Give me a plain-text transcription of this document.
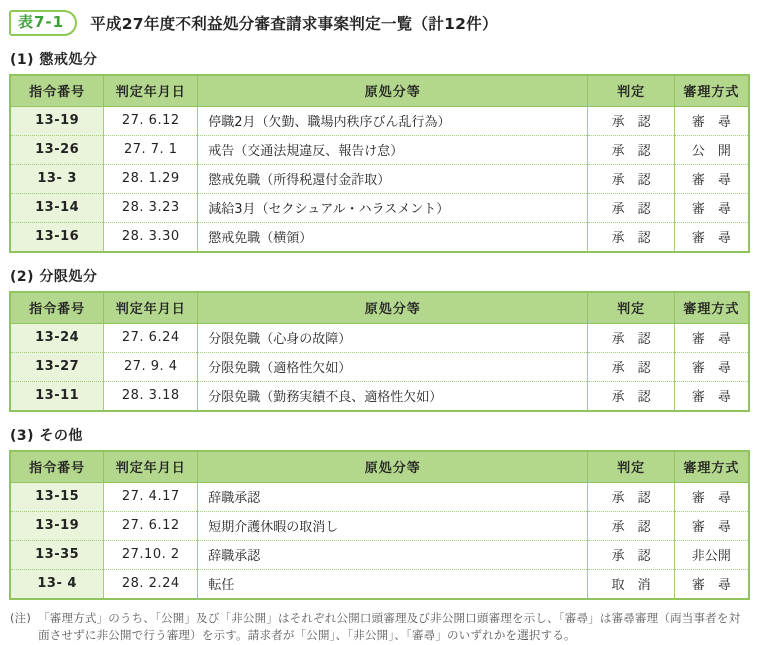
表7-1	平成27年度不利益処分審査請求事案判定一覧（計12件）
(1) 懲戒処分
指令番号	判定年月日	原処分等	判定	審理方式
13-19	27. 6.12	停職2月（欠勤、職場内秩序びん乱行為）	承　認	審　尋
13-26	27. 7. 1	戒告（交通法規違反、報告け怠）	承　認	公　開
13- 3	28. 1.29	懲戒免職（所得税還付金詐取）	承　認	審　尋
13-14	28. 3.23	減給3月（セクシュアル・ハラスメント）	承　認	審　尋
13-16	28. 3.30	懲戒免職（横領）	承　認	審　尋
(2) 分限処分
指令番号	判定年月日	原処分等	判定	審理方式
13-24	27. 6.24	分限免職（心身の故障）	承　認	審　尋
13-27	27. 9. 4	分限免職（適格性欠如）	承　認	審　尋
13-11	28. 3.18	分限免職（勤務実績不良、適格性欠如）	承　認	審　尋
(3) その他
指令番号	判定年月日	原処分等	判定	審理方式
13-15	27. 4.17	辞職承認	承　認	審　尋
13-19	27. 6.12	短期介護休暇の取消し	承　認	審　尋
13-35	27.10. 2	辞職承認	承　認	非公開
13- 4	28. 2.24	転任	取　消	審　尋
(注) 「審理方式」のうち、「公開」及び「非公開」はそれぞれ公開口頭審理及び非公開口頭審理を示し、「審尋」は審尋審理（両当事者を対面させずに非公開で行う審理）を示す。請求者が「公開」、「非公開」、「審尋」のいずれかを選択する。
